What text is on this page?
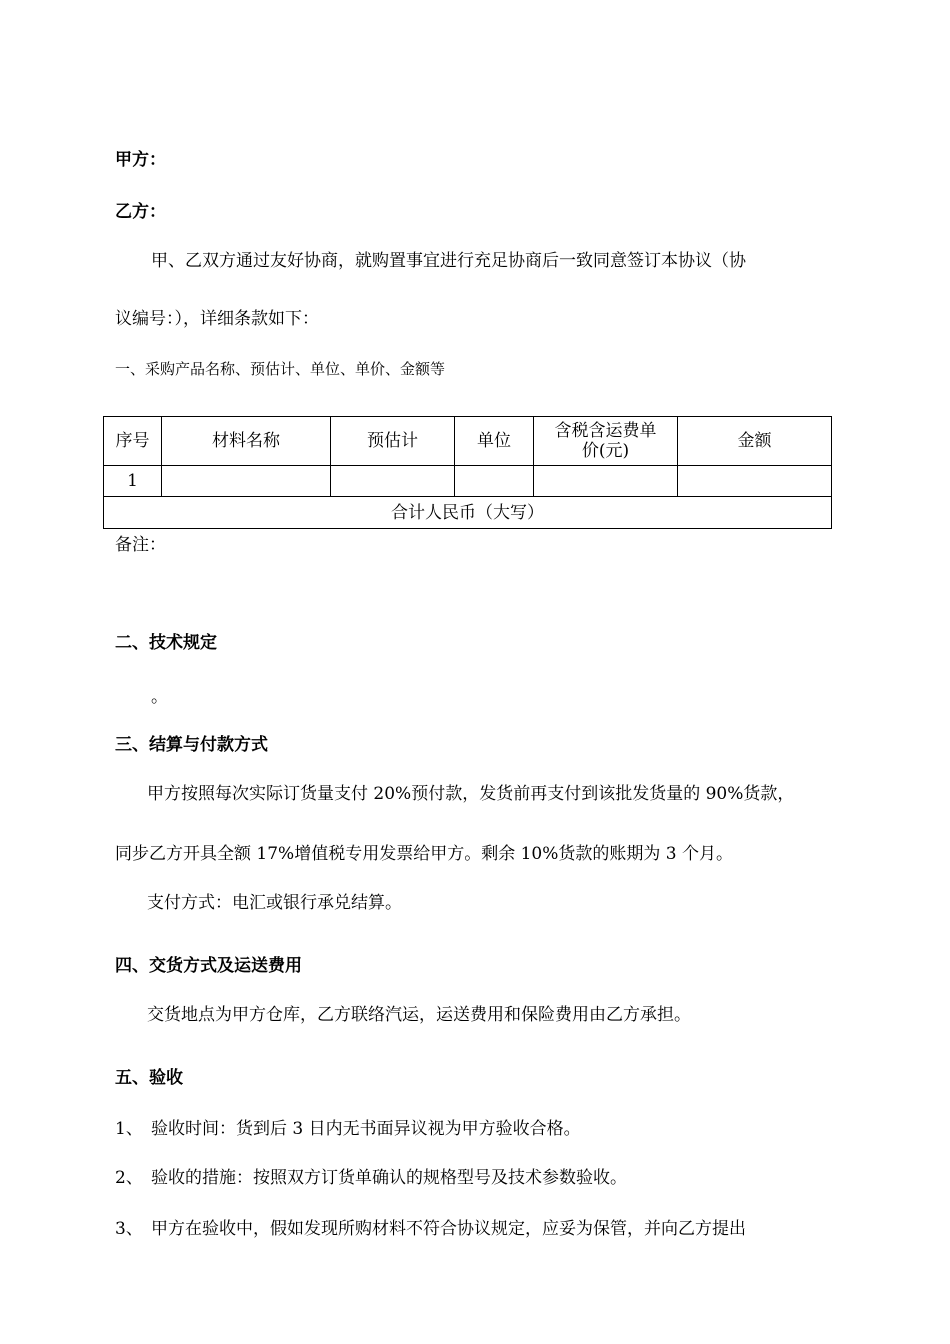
甲方：
乙方：
甲、乙双方通过友好协商，就购置事宜进行充足协商后一致同意签订本协议（协
议编号：），详细条款如下：
一、采购产品名称、预估计、单位、单价、金额等
序号	材料名称	预估计	单位	含税含运费单
价(元)	金额
1					
合计人民币（大写）					
备注：
二、技术规定
。
三、结算与付款方式
甲方按照每次实际订货量支付 20%预付款，发货前再支付到该批发货量的 90%货款，
同步乙方开具全额 17%增值税专用发票给甲方。剩余 10%货款的账期为 3 个月。
支付方式：电汇或银行承兑结算。
四、交货方式及运送费用
交货地点为甲方仓库，乙方联络汽运，运送费用和保险费用由乙方承担。
五、验收
1、 验收时间：货到后 3 日内无书面异议视为甲方验收合格。
2、 验收的措施：按照双方订货单确认的规格型号及技术参数验收。
3、 甲方在验收中，假如发现所购材料不符合协议规定，应妥为保管，并向乙方提出
